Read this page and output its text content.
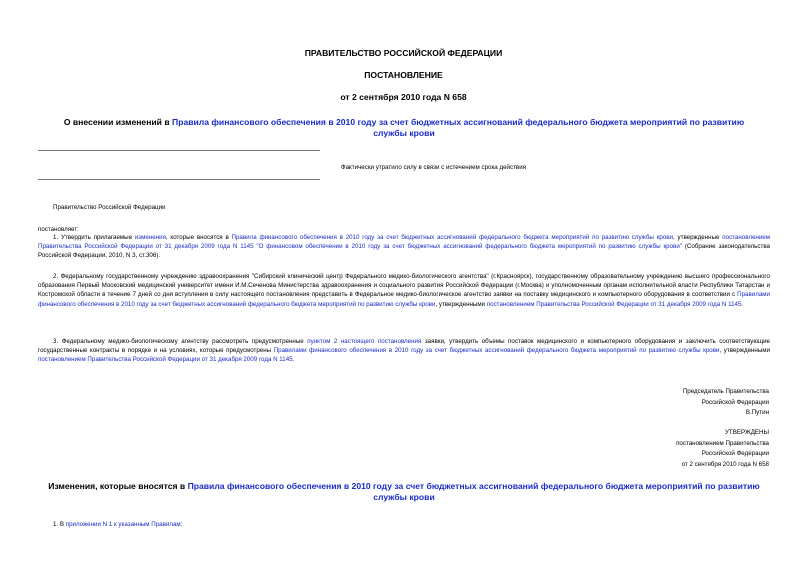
ПРАВИТЕЛЬСТВО РОССИЙСКОЙ ФЕДЕРАЦИИ
ПОСТАНОВЛЕНИЕ
от 2 сентября 2010 года N 658
О внесении изменений в Правила финансового обеспечения в 2010 году за счет бюджетных ассигнований федерального бюджета мероприятий по развитию службы крови
Фактически утратило силу в связи с истечением срока действия
Правительство Российской Федерации
постановляет:
1. Утвердить прилагаемые изменения, которые вносятся в Правила финансового обеспечения в 2010 году за счет бюджетных ассигнований федерального бюджета мероприятий по развитию службы крови, утвержденные постановлением Правительства Российской Федерации от 31 декабря 2009 года N 1145 "О финансовом обеспечении в 2010 году за счет бюджетных ассигнований федерального бюджета мероприятий по развитию службы крови" (Собрание законодательства Российской Федерации, 2010, N 3, ст.306).
2. Федеральному государственному учреждению здравоохранения "Сибирский клинический центр Федерального медико-биологического агентства" (г.Красноярск), государственному образовательному учреждению высшего профессионального образования Первый Московский медицинский университет имени И.М.Сеченова Министерства здравоохранения и социального развития Российской Федерации (г.Москва) и уполномоченным органам исполнительной власти Республики Татарстан и Костромской области в течение 7 дней со дня вступления в силу настоящего постановления представить в Федеральное медико-биологическое агентство заявки на поставку медицинского и компьютерного оборудования в соответствии с Правилами финансового обеспечения в 2010 году за счет бюджетных ассигнований федерального бюджета мероприятий по развитию службы крови, утвержденными постановлением Правительства Российской Федерации от 31 декабря 2009 года N 1145.
3. Федеральному медико-биологическому агентству рассмотреть предусмотренные пунктом 2 настоящего постановления заявки, утвердить объемы поставок медицинского и компьютерного оборудования и заключить соответствующие государственные контракты в порядке и на условиях, которые предусмотрены Правилами финансового обеспечения в 2010 году за счет бюджетных ассигнований федерального бюджета мероприятий по развитию службы крови, утвержденными постановлением Правительства Российской Федерации от 31 декабря 2009 года N 1145.
Председатель Правительства
Российской Федерации
В.Путин
УТВЕРЖДЕНЫ
постановлением Правительства
Российской Федерации
от 2 сентября 2010 года N 658
Изменения, которые вносятся в Правила финансового обеспечения в 2010 году за счет бюджетных ассигнований федерального бюджета мероприятий по развитию службы крови
1. В приложении N 1 к указанным Правилам:
